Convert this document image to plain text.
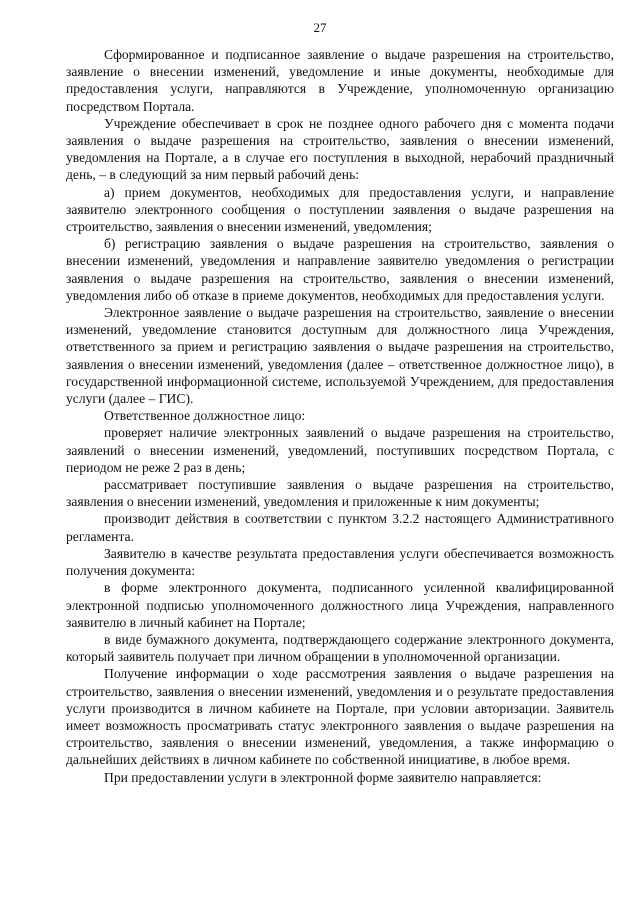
27

Сформированное и подписанное заявление о выдаче разрешения на строительство, заявление о внесении изменений, уведомление и иные документы, необходимые для предоставления услуги, направляются в Учреждение, уполномоченную организацию посредством Портала.

Учреждение обеспечивает в срок не позднее одного рабочего дня с момента подачи заявления о выдаче разрешения на строительство, заявления о внесении изменений, уведомления на Портале, а в случае его поступления в выходной, нерабочий праздничный день, – в следующий за ним первый рабочий день:

а) прием документов, необходимых для предоставления услуги, и направление заявителю электронного сообщения о поступлении заявления о выдаче разрешения на строительство, заявления о внесении изменений, уведомления;

б) регистрацию заявления о выдаче разрешения на строительство, заявления о внесении изменений, уведомления и направление заявителю уведомления о регистрации заявления о выдаче разрешения на строительство, заявления о внесении изменений, уведомления либо об отказе в приеме документов, необходимых для предоставления услуги.

Электронное заявление о выдаче разрешения на строительство, заявление о внесении изменений, уведомление становится доступным для должностного лица Учреждения, ответственного за прием и регистрацию заявления о выдаче разрешения на строительство, заявления о внесении изменений, уведомления (далее – ответственное должностное лицо), в государственной информационной системе, используемой Учреждением, для предоставления услуги (далее – ГИС).

Ответственное должностное лицо:

проверяет наличие электронных заявлений о выдаче разрешения на строительство, заявлений о внесении изменений, уведомлений, поступивших посредством Портала, с периодом не реже 2 раз в день;

рассматривает поступившие заявления о выдаче разрешения на строительство, заявления о внесении изменений, уведомления и приложенные к ним документы;

производит действия в соответствии с пунктом 3.2.2 настоящего Административного регламента.

Заявителю в качестве результата предоставления услуги обеспечивается возможность получения документа:

в форме электронного документа, подписанного усиленной квалифицированной электронной подписью уполномоченного должностного лица Учреждения, направленного заявителю в личный кабинет на Портале;

в виде бумажного документа, подтверждающего содержание электронного документа, который заявитель получает при личном обращении в уполномоченной организации.

Получение информации о ходе рассмотрения заявления о выдаче разрешения на строительство, заявления о внесении изменений, уведомления и о результате предоставления услуги производится в личном кабинете на Портале, при условии авторизации. Заявитель имеет возможность просматривать статус электронного заявления о выдаче разрешения на строительство, заявления о внесении изменений, уведомления, а также информацию о дальнейших действиях в личном кабинете по собственной инициативе, в любое время.

При предоставлении услуги в электронной форме заявителю направляется:
